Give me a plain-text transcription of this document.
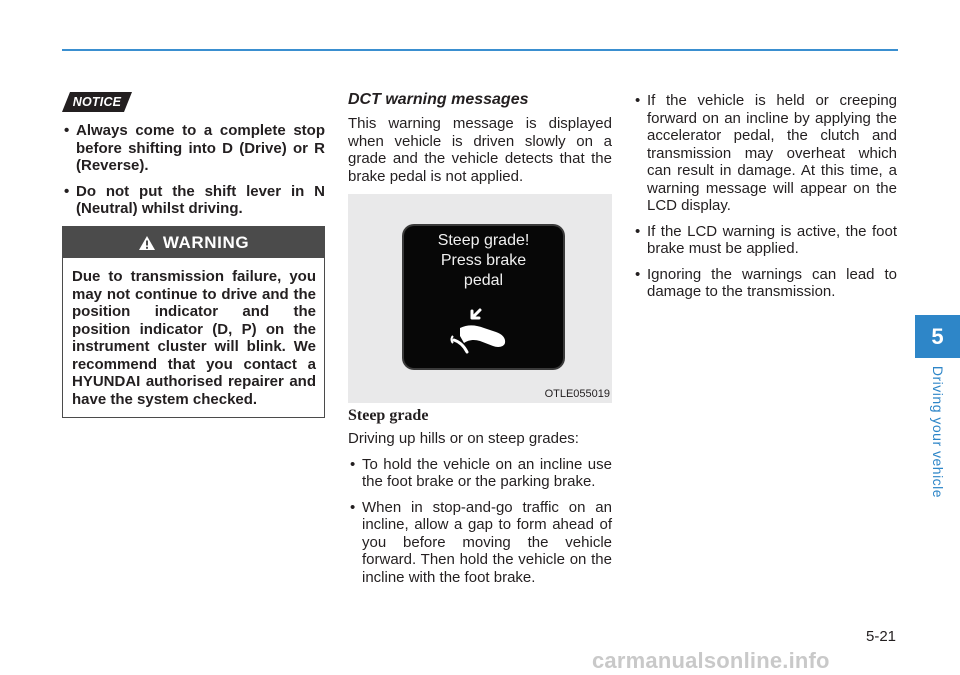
NOTICE
• Always come to a complete stop before shifting into D (Drive) or R (Reverse).
• Do not put the shift lever in N (Neutral) whilst driving.
WARNING
Due to transmission failure, you may not continue to drive and the position indicator and the position indicator (D, P) on the instrument cluster will blink. We recommend that you contact a HYUNDAI authorised repairer and have the system checked.
DCT warning messages

This warning message is displayed when vehicle is driven slowly on a grade and the vehicle detects that the brake pedal is not applied.

Steep grade!
Press brake
pedal
OTLE055019
Steep grade

Driving up hills or on steep grades:

• To hold the vehicle on an incline use the foot brake or the parking brake.
• When in stop-and-go traffic on an incline, allow a gap to form ahead of you before moving the vehicle forward. Then hold the vehicle on the incline with the foot brake.
• If the vehicle is held or creeping forward on an incline by applying the accelerator pedal, the clutch and transmission may overheat which can result in damage. At this time, a warning message will appear on the LCD display.
• If the LCD warning is active, the foot brake must be applied.
• Ignoring the warnings can lead to damage to the transmission.
5
Driving your vehicle
5-21
carmanualsonline.info
